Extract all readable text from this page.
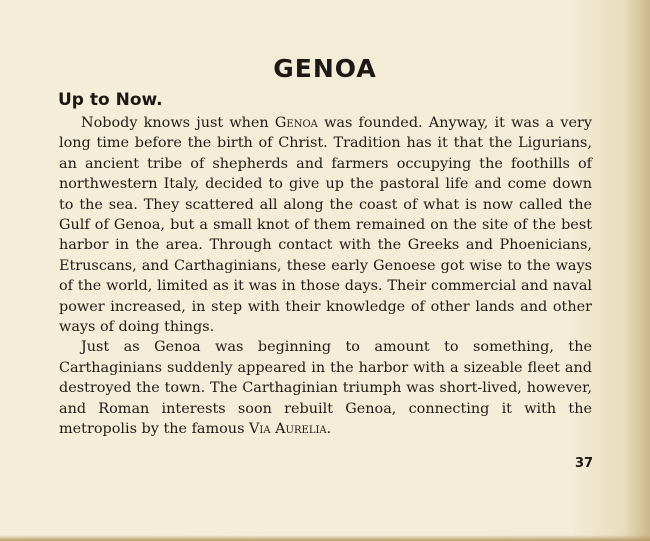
GENOA
Up to Now.

Nobody knows just when Genoa was founded. Anyway, it was a very long time before the birth of Christ. Tradition has it that the Ligurians, an ancient tribe of shepherds and farmers occupying the foothills of northwestern Italy, decided to give up the pastoral life and come down to the sea. They scattered all along the coast of what is now called the Gulf of Genoa, but a small knot of them remained on the site of the best harbor in the area. Through contact with the Greeks and Phoenicians, Etruscans, and Carthaginians, these early Genoese got wise to the ways of the world, limited as it was in those days. Their commercial and naval power increased, in step with their knowledge of other lands and other ways of doing things.

Just as Genoa was beginning to amount to something, the Carthaginians suddenly appeared in the harbor with a sizeable fleet and destroyed the town. The Carthaginian triumph was short-lived, however, and Roman interests soon rebuilt Genoa, connecting it with the metropolis by the famous Via Aurelia.

37
